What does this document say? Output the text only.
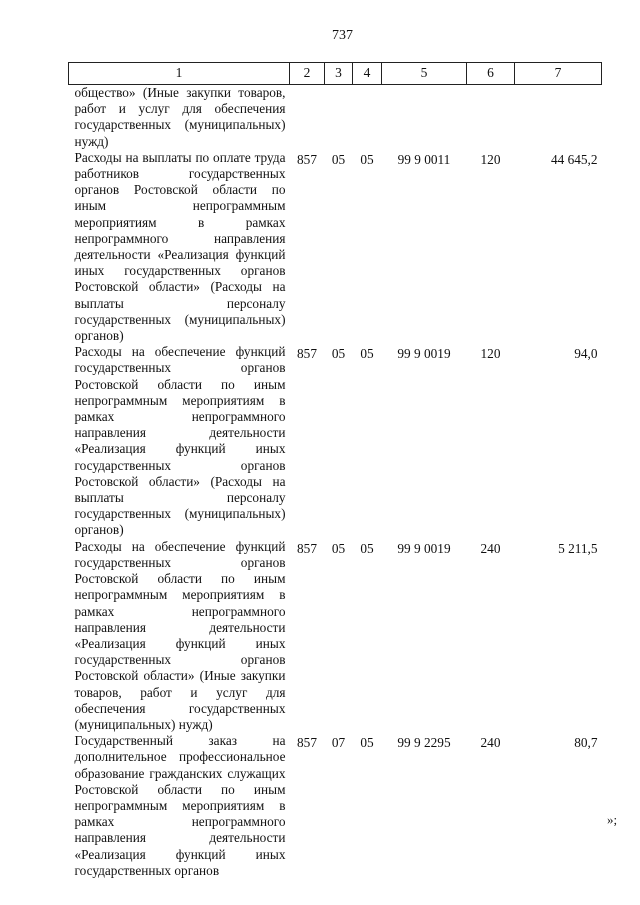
737
1	2	3	4	5	6	7
общество» (Иные закупки товаров, работ и услуг для обеспечения государственных (муниципальных) нужд)						
Расходы на выплаты по оплате труда работников государственных органов Ростовской области по иным непрограммным мероприятиям в рамках непрограммного направления деятельности «Реализация функций иных государственных органов Ростовской области» (Расходы на выплаты персоналу государственных (муниципальных) органов)	857	05	05	99 9 0011	120	44 645,2
Расходы на обеспечение функций государственных органов Ростовской области по иным непрограммным мероприятиям в рамках непрограммного направления деятельности «Реализация функций иных государственных органов Ростовской области» (Расходы на выплаты персоналу государственных (муниципальных) органов)	857	05	05	99 9 0019	120	94,0
Расходы на обеспечение функций государственных органов Ростовской области по иным непрограммным мероприятиям в рамках непрограммного направления деятельности «Реализация функций иных государственных органов Ростовской области» (Иные закупки товаров, работ и услуг для обеспечения государственных (муниципальных) нужд)	857	05	05	99 9 0019	240	5 211,5
Государственный заказ на дополнительное профессиональное образование гражданских служащих Ростовской области по иным непрограммным мероприятиям в рамках непрограммного направления деятельности «Реализация функций иных государственных органов	857	07	05	99 9 2295	240	80,7
»;
